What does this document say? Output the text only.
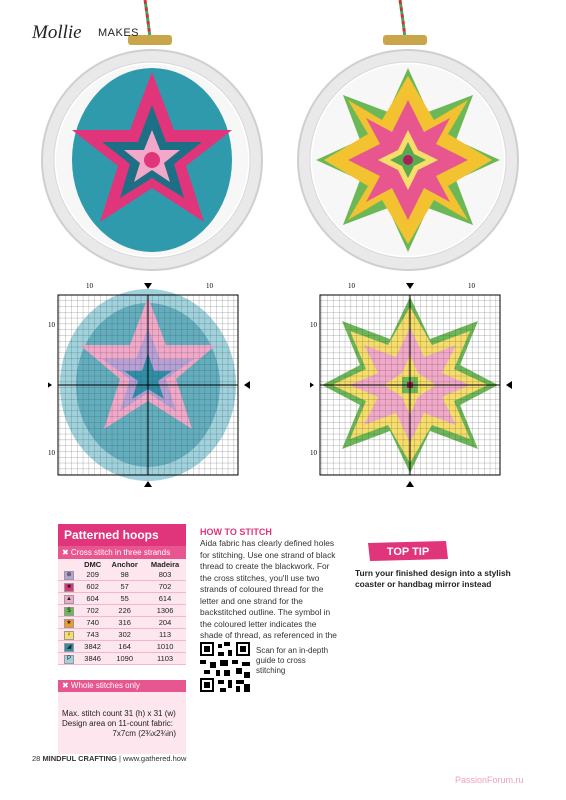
Mollie MAKES
10	10
10
10
10	10
10
10
Patterned hoops
✖ Cross stitch in three strands
	DMC	Anchor	Madeira
⊕	209	98	803
■	602	57	702
▲	604	55	614
$	702	226	1306
★	740	316	204
♀	743	302	113
◢	3842	164	1010
P	3846	1090	1103
✖ Whole stitches only
Max. stitch count 31 (h) x 31 (w)
Design area on 11-count fabric:
7x7cm (2¾x2¾in)
HOW TO STITCH
Aida fabric has clearly defined holes for stitching. Use one strand of black thread to create the blackwork. For the cross stitches, you'll use two strands of coloured thread for the letter and one strand for the backstitched outline. The symbol in the coloured letter indicates the shade of thread, as referenced in the
Scan for an in-depth guide to cross stitching
TOP TIP
Turn your finished design into a stylish coaster or handbag mirror instead
28 MINDFUL CRAFTING | www.gathered.how
PassionForum.ru
